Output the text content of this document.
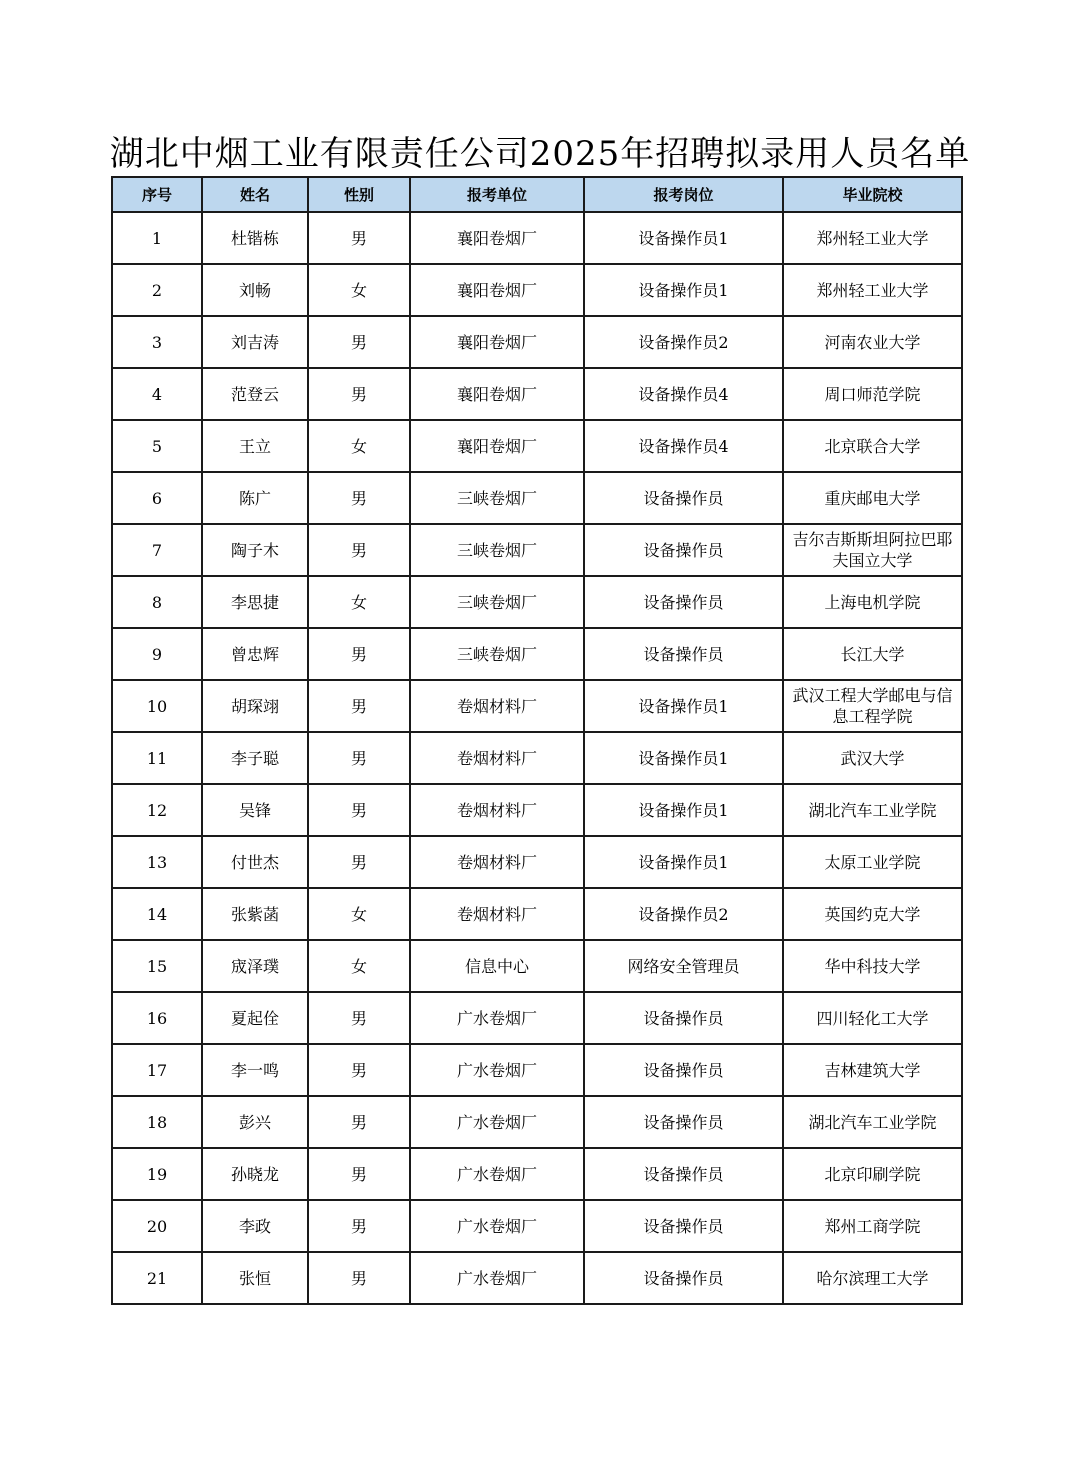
湖北中烟工业有限责任公司2025年招聘拟录用人员名单
序号	姓名	性别	报考单位	报考岗位	毕业院校
1	杜锴栋	男	襄阳卷烟厂	设备操作员1	郑州轻工业大学
2	刘畅	女	襄阳卷烟厂	设备操作员1	郑州轻工业大学
3	刘吉涛	男	襄阳卷烟厂	设备操作员2	河南农业大学
4	范登云	男	襄阳卷烟厂	设备操作员4	周口师范学院
5	王立	女	襄阳卷烟厂	设备操作员4	北京联合大学
6	陈广	男	三峡卷烟厂	设备操作员	重庆邮电大学
7	陶子木	男	三峡卷烟厂	设备操作员	吉尔吉斯斯坦阿拉巴耶夫国立大学
8	李思捷	女	三峡卷烟厂	设备操作员	上海电机学院
9	曾忠辉	男	三峡卷烟厂	设备操作员	长江大学
10	胡琛翊	男	卷烟材料厂	设备操作员1	武汉工程大学邮电与信息工程学院
11	李子聪	男	卷烟材料厂	设备操作员1	武汉大学
12	吴锋	男	卷烟材料厂	设备操作员1	湖北汽车工业学院
13	付世杰	男	卷烟材料厂	设备操作员1	太原工业学院
14	张紫菡	女	卷烟材料厂	设备操作员2	英国约克大学
15	宬泽璞	女	信息中心	网络安全管理员	华中科技大学
16	夏起佺	男	广水卷烟厂	设备操作员	四川轻化工大学
17	李一鸣	男	广水卷烟厂	设备操作员	吉林建筑大学
18	彭兴	男	广水卷烟厂	设备操作员	湖北汽车工业学院
19	孙晓龙	男	广水卷烟厂	设备操作员	北京印刷学院
20	李政	男	广水卷烟厂	设备操作员	郑州工商学院
21	张恒	男	广水卷烟厂	设备操作员	哈尔滨理工大学
